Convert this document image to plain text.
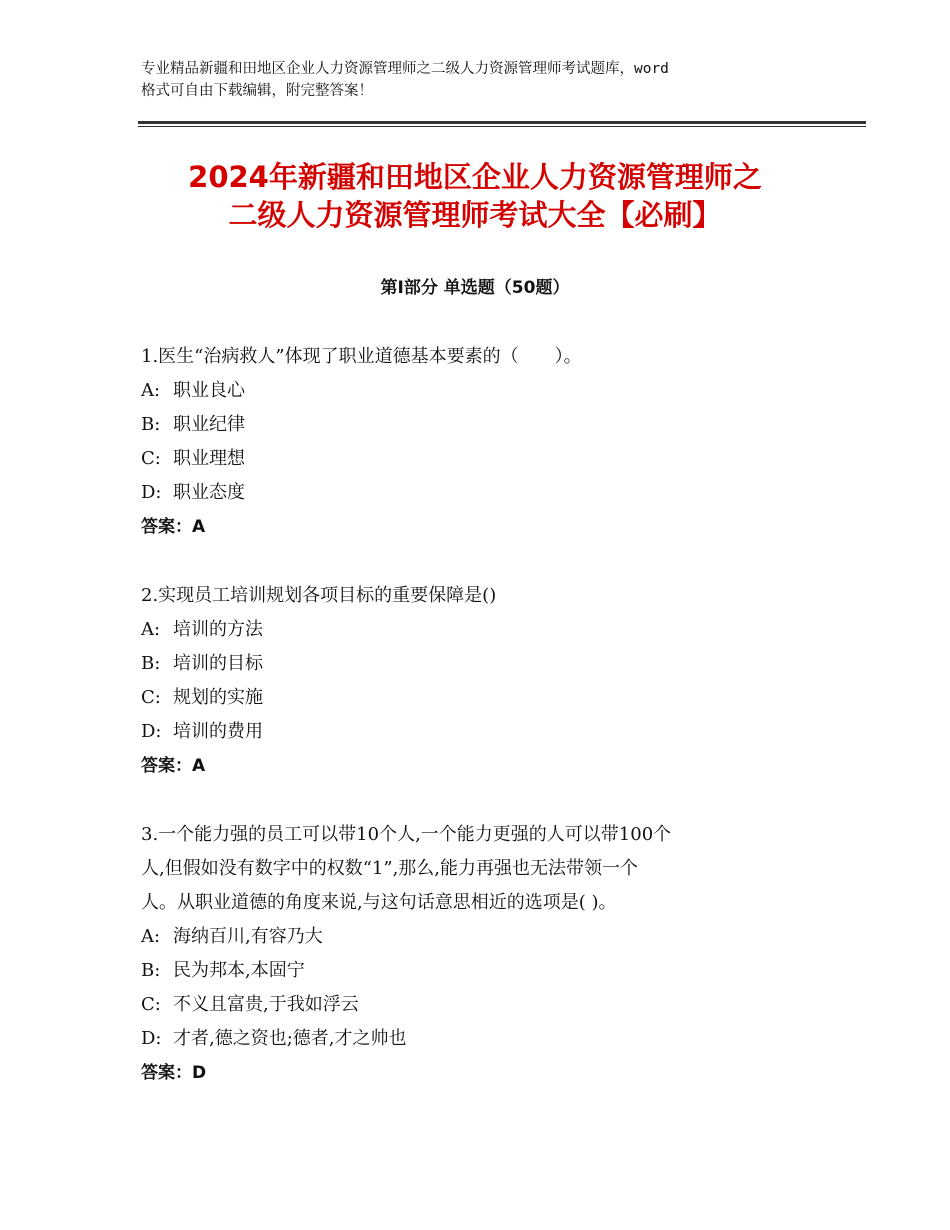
专业精品新疆和田地区企业人力资源管理师之二级人力资源管理师考试题库，word
格式可自由下载编辑，附完整答案！
2024年新疆和田地区企业人力资源管理师之
二级人力资源管理师考试大全【必刷】
第Ⅰ部分 单选题（50题）
1.医生“治病救人”体现了职业道德基本要素的（　　）。
A: 职业良心
B: 职业纪律
C: 职业理想
D: 职业态度
答案：A
2.实现员工培训规划各项目标的重要保障是()
A: 培训的方法
B: 培训的目标
C: 规划的实施
D: 培训的费用
答案：A
3.一个能力强的员工可以带10个人,一个能力更强的人可以带100个
人,但假如没有数字中的权数“1”,那么,能力再强也无法带领一个
人。从职业道德的角度来说,与这句话意思相近的选项是( )。
A: 海纳百川,有容乃大
B: 民为邦本,本固宁
C: 不义且富贵,于我如浮云
D: 才者,德之资也;德者,才之帅也
答案：D
